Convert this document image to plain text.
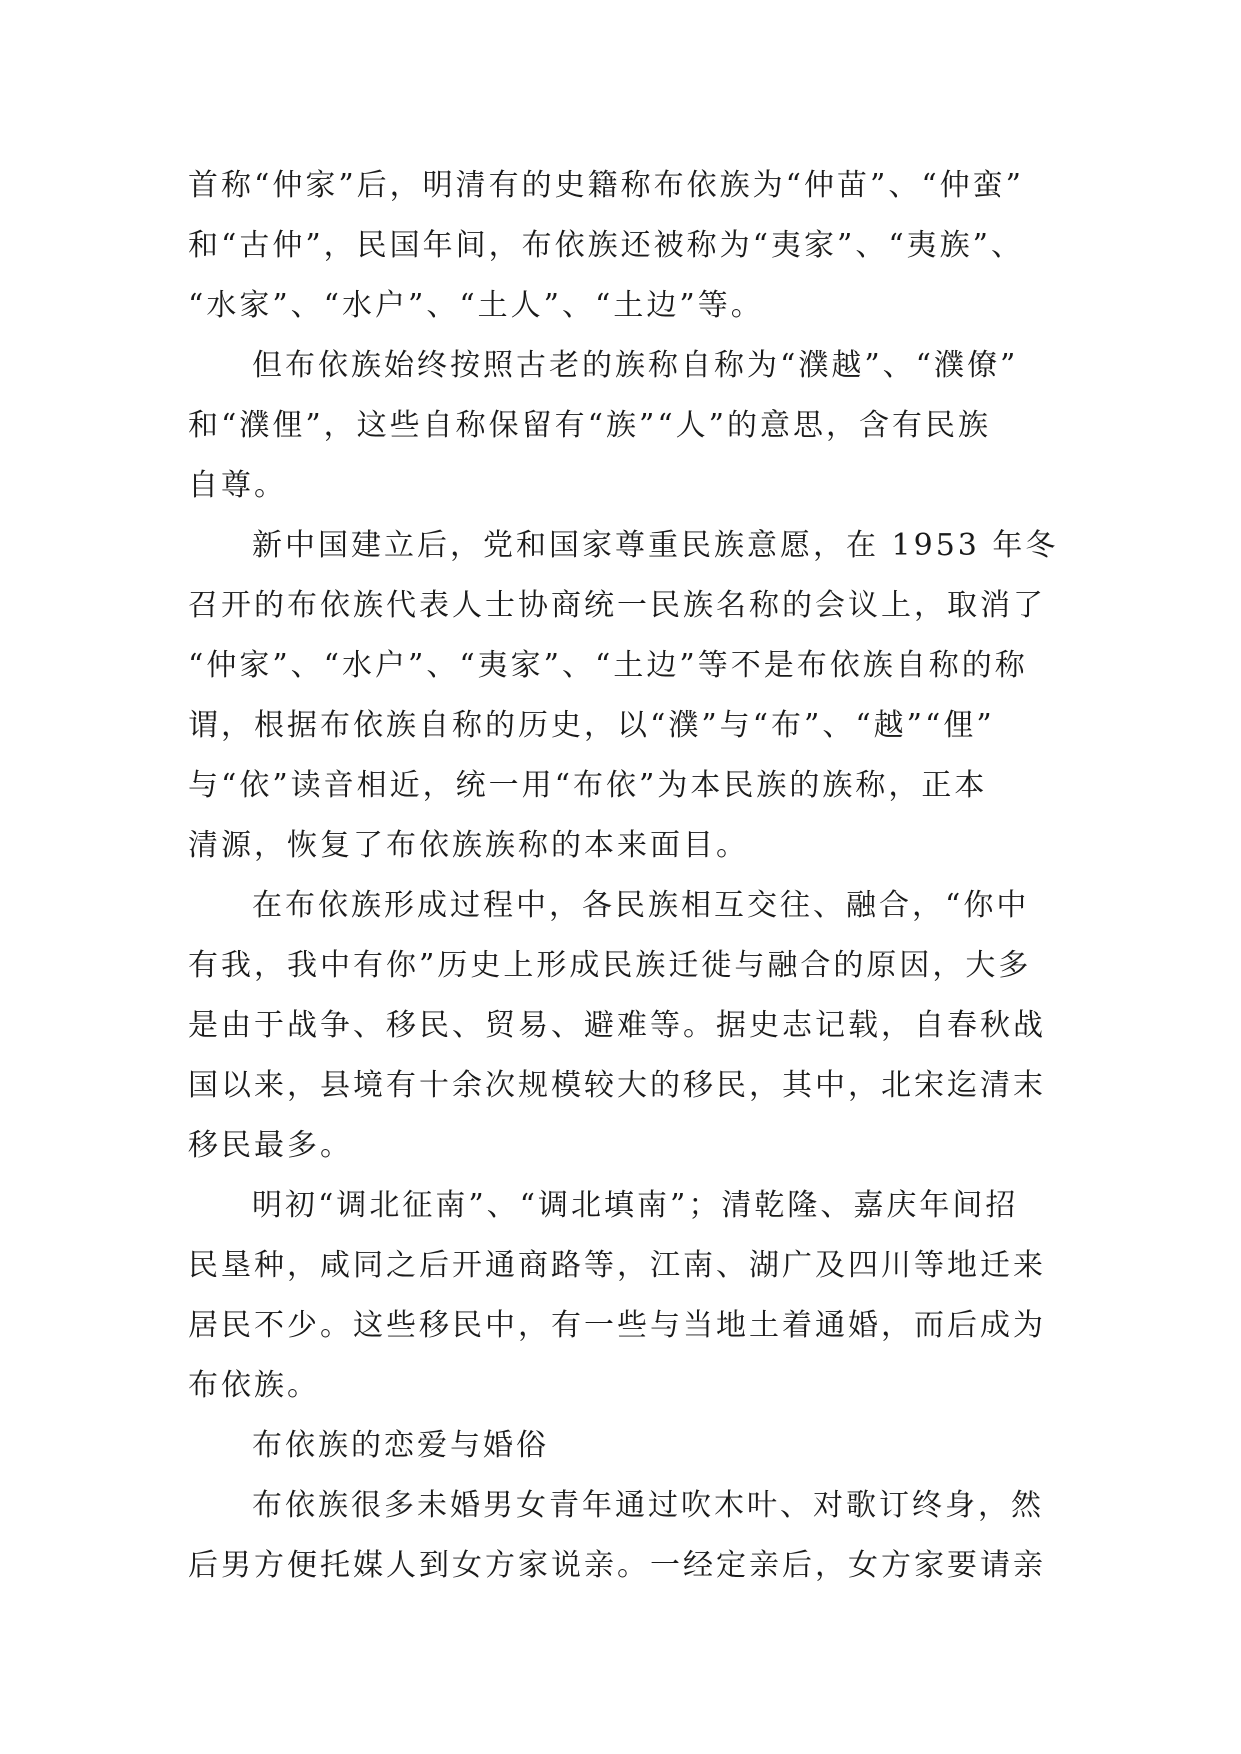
首称“仲家”后，明清有的史籍称布依族为“仲苗”、“仲蛮”
和“古仲”，民国年间，布依族还被称为“夷家”、“夷族”、
“水家”、“水户”、“土人”、“土边”等。
但布依族始终按照古老的族称自称为“濮越”、“濮僚”
和“濮俚”，这些自称保留有“族”“人”的意思，含有民族
自尊。
新中国建立后，党和国家尊重民族意愿，在 1953 年冬
召开的布依族代表人士协商统一民族名称的会议上，取消了
“仲家”、“水户”、“夷家”、“土边”等不是布依族自称的称
谓，根据布依族自称的历史，以“濮”与“布”、“越”“俚”
与“依”读音相近，统一用“布依”为本民族的族称，正本
清源，恢复了布依族族称的本来面目。
在布依族形成过程中，各民族相互交往、融合，“你中
有我，我中有你”历史上形成民族迁徙与融合的原因，大多
是由于战争、移民、贸易、避难等。据史志记载，自春秋战
国以来，县境有十余次规模较大的移民，其中，北宋迄清末
移民最多。
明初“调北征南”、“调北填南”；清乾隆、嘉庆年间招
民垦种，咸同之后开通商路等，江南、湖广及四川等地迁来
居民不少。这些移民中，有一些与当地土着通婚，而后成为
布依族。
布依族的恋爱与婚俗
布依族很多未婚男女青年通过吹木叶、对歌订终身，然
后男方便托媒人到女方家说亲。一经定亲后，女方家要请亲
